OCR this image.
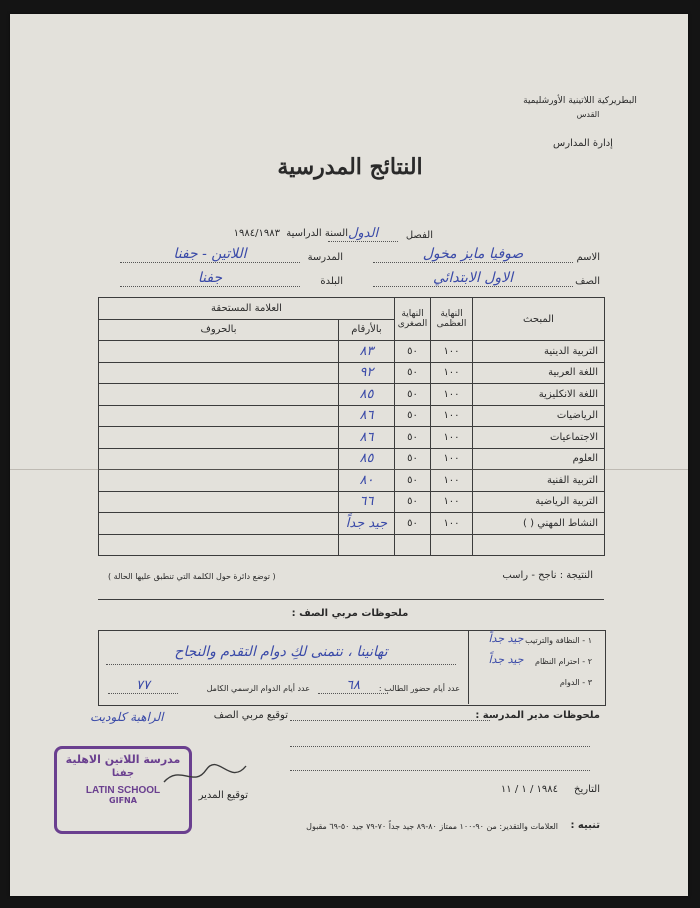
البطريركية اللاتينية الأورشليمية
القدس
إدارة المدارس
النتائج المدرسية
الفصل
الدول
السنة الدراسية
١٩٨٤/١٩٨٣
الاسم
صوفيا مايز مخول
المدرسة
اللاتين - جفنا
الصف
الاول الابتدائي
البلدة
جفنا
المبحث	النهاية العظمى	النهاية الصغرى	العلامة المستحقة	
			بالأرقام	بالحروف

التربية الدينية	١٠٠	٥٠	٨٣	
اللغة العربية	١٠٠	٥٠	٩٢	
اللغة الانكليزية	١٠٠	٥٠	٨٥	
الرياضيات	١٠٠	٥٠	٨٦	
الاجتماعيات	١٠٠	٥٠	٨٦	
العلوم	١٠٠	٥٠	٨٥	
التربية الفنية	١٠٠	٥٠	٨٠	
التربية الرياضية	١٠٠	٥٠	٦٦	
النشاط المهني ( )	١٠٠	٥٠	جيد جداً	

النتيجة : ناجح - راسب
( توضع دائرة حول الكلمة التي تنطبق عليها الحالة )
ملحوظات مربي الصف :
تهانينا ، نتمنى لكِ دوام التقدم والنجاح
١ - النظافة والترتيب
جيد جداً
٢ - احترام النظام
جيد جداً
٣ - الدوام
عدد أيام حضور الطالب :
٦٨
عدد أيام الدوام الرسمي الكامل
٧٧
ملحوظات مدير المدرسة :
توقيع مربي الصف
الراهبة كلوديت
توقيع المدير
التاريخ
١٩٨٤ / ١ / ١١
مدرسة اللاتين الاهلية
جفنا
LATIN SCHOOL
GIFNA
تنبيه :
العلامات والتقدير: من ٩٠-١٠٠ ممتاز ٨٠-٨٩ جيد جداً ٧٠-٧٩ جيد ٥٠-٦٩ مقبول
